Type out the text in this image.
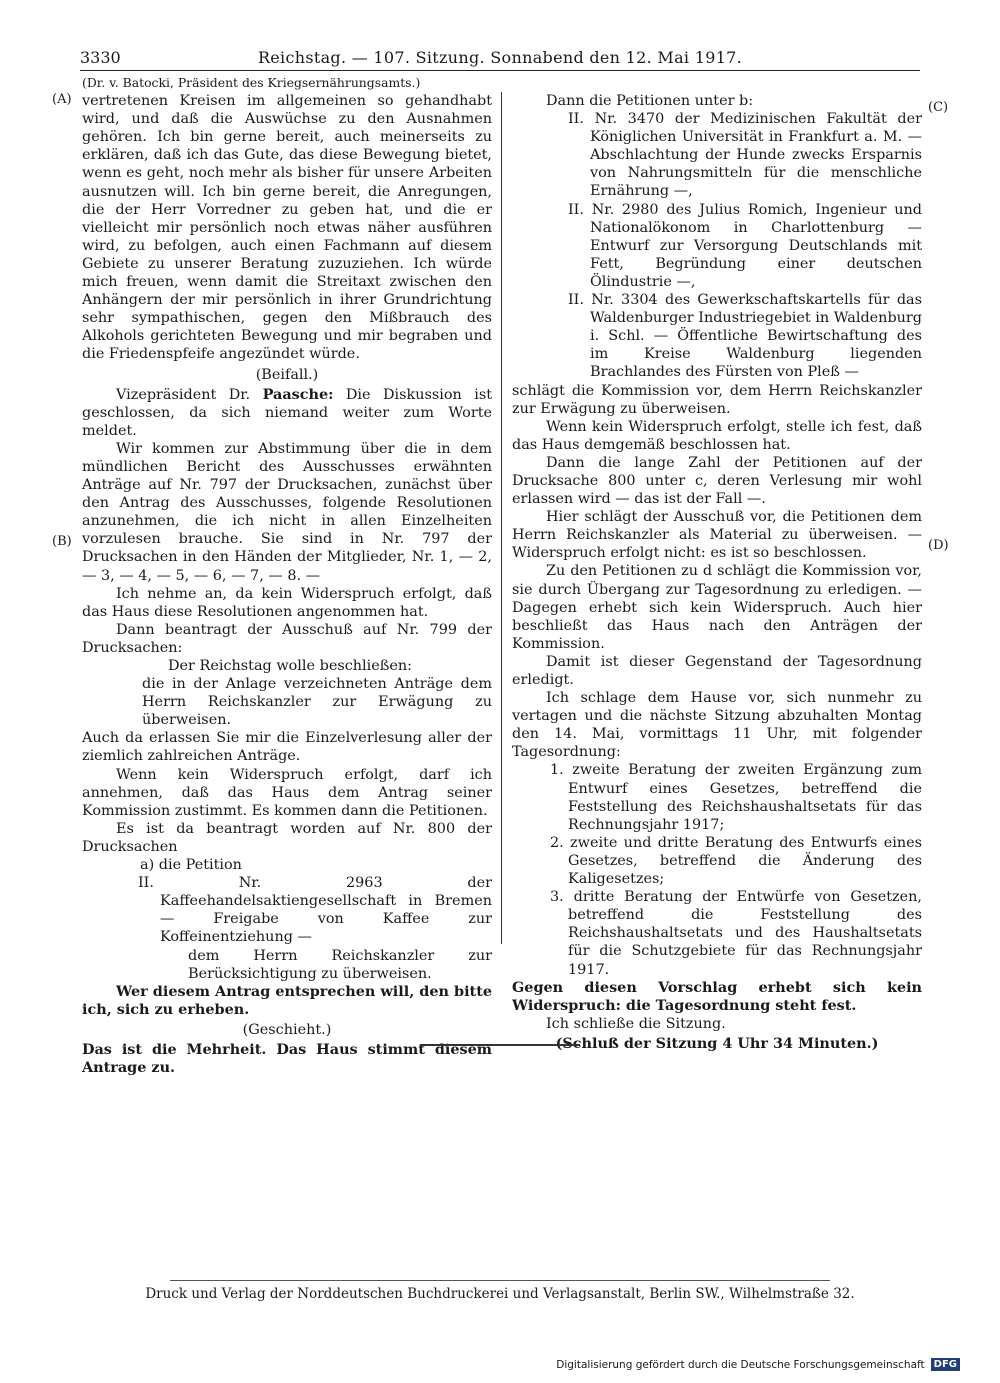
3330	Reichstag. — 107. Sitzung. Sonnabend den 12. Mai 1917.
(A)
(B)
(C)
(D)

(Dr. v. Batocki, Präsident des Kriegsernährungsamts.)

vertretenen Kreisen im allgemeinen so gehandhabt wird, und daß die Auswüchse zu den Ausnahmen gehören. Ich bin gerne bereit, auch meinerseits zu erklären, daß ich das Gute, das diese Bewegung bietet, wenn es geht, noch mehr als bisher für unsere Arbeiten ausnutzen will. Ich bin gerne bereit, die Anregungen, die der Herr Vorredner zu geben hat, und die er vielleicht mir persönlich noch etwas näher ausführen wird, zu befolgen, auch einen Fachmann auf diesem Gebiete zu unserer Beratung zuzuziehen. Ich würde mich freuen, wenn damit die Streitaxt zwischen den Anhängern der mir persönlich in ihrer Grundrichtung sehr sympathischen, gegen den Mißbrauch des Alkohols gerichteten Bewegung und mir begraben und die Friedenspfeife angezündet würde.

(Beifall.)

Vizepräsident Dr. Paasche: Die Diskussion ist geschlossen, da sich niemand weiter zum Worte meldet.

Wir kommen zur Abstimmung über die in dem mündlichen Bericht des Ausschusses erwähnten Anträge auf Nr. 797 der Drucksachen, zunächst über den Antrag des Ausschusses, folgende Resolutionen anzunehmen, die ich nicht in allen Einzelheiten vorzulesen brauche. Sie sind in Nr. 797 der Drucksachen in den Händen der Mitglieder, Nr. 1, — 2, — 3, — 4, — 5, — 6, — 7, — 8. —

Ich nehme an, da kein Widerspruch erfolgt, daß das Haus diese Resolutionen angenommen hat.

Dann beantragt der Ausschuß auf Nr. 799 der Drucksachen:

Der Reichstag wolle beschließen:
die in der Anlage verzeichneten Anträge dem Herrn Reichskanzler zur Erwägung zu überweisen.

Auch da erlassen Sie mir die Einzelverlesung aller der ziemlich zahlreichen Anträge.

Wenn kein Widerspruch erfolgt, darf ich annehmen, daß das Haus dem Antrag seiner Kommission zustimmt. Es kommen dann die Petitionen.

Es ist da beantragt worden auf Nr. 800 der Drucksachen

a) die Petition

II. Nr. 2963 der Kaffeehandelsaktiengesellschaft in Bremen — Freigabe von Kaffee zur Koffeinentziehung —

dem Herrn Reichskanzler zur Berücksichtigung zu überweisen.

Wer diesem Antrag entsprechen will, den bitte ich, sich zu erheben.

(Geschieht.)

Das ist die Mehrheit. Das Haus stimmt diesem Antrage zu.

Dann die Petitionen unter b:

II. Nr. 3470 der Medizinischen Fakultät der Königlichen Universität in Frankfurt a. M. — Abschlachtung der Hunde zwecks Ersparnis von Nahrungsmitteln für die menschliche Ernährung —,

II. Nr. 2980 des Julius Romich, Ingenieur und Nationalökonom in Charlottenburg — Entwurf zur Versorgung Deutschlands mit Fett, Begründung einer deutschen Ölindustrie —,

II. Nr. 3304 des Gewerkschaftskartells für das Waldenburger Industriegebiet in Waldenburg i. Schl. — Öffentliche Bewirtschaftung des im Kreise Waldenburg liegenden Brachlandes des Fürsten von Pleß —

schlägt die Kommission vor, dem Herrn Reichskanzler zur Erwägung zu überweisen.

Wenn kein Widerspruch erfolgt, stelle ich fest, daß das Haus demgemäß beschlossen hat.

Dann die lange Zahl der Petitionen auf der Drucksache 800 unter c, deren Verlesung mir wohl erlassen wird — das ist der Fall —.

Hier schlägt der Ausschuß vor, die Petitionen dem Herrn Reichskanzler als Material zu überweisen. — Widerspruch erfolgt nicht: es ist so beschlossen.

Zu den Petitionen zu d schlägt die Kommission vor, sie durch Übergang zur Tagesordnung zu erledigen. — Dagegen erhebt sich kein Widerspruch. Auch hier beschließt das Haus nach den Anträgen der Kommission.

Damit ist dieser Gegenstand der Tagesordnung erledigt.

Ich schlage dem Hause vor, sich nunmehr zu vertagen und die nächste Sitzung abzuhalten Montag den 14. Mai, vormittags 11 Uhr, mit folgender Tagesordnung:

1. zweite Beratung der zweiten Ergänzung zum Entwurf eines Gesetzes, betreffend die Feststellung des Reichshaushaltsetats für das Rechnungsjahr 1917;

2. zweite und dritte Beratung des Entwurfs eines Gesetzes, betreffend die Änderung des Kaligesetzes;

3. dritte Beratung der Entwürfe von Gesetzen, betreffend die Feststellung des Reichshaushaltsetats und des Haushaltsetats für die Schutzgebiete für das Rechnungsjahr 1917.

Gegen diesen Vorschlag erhebt sich kein Widerspruch: die Tagesordnung steht fest.

Ich schließe die Sitzung.

(Schluß der Sitzung 4 Uhr 34 Minuten.)

Druck und Verlag der Norddeutschen Buchdruckerei und Verlagsanstalt, Berlin SW., Wilhelmstraße 32.
Digitalisierung gefördert durch die Deutsche Forschungsgemeinschaft DFG
